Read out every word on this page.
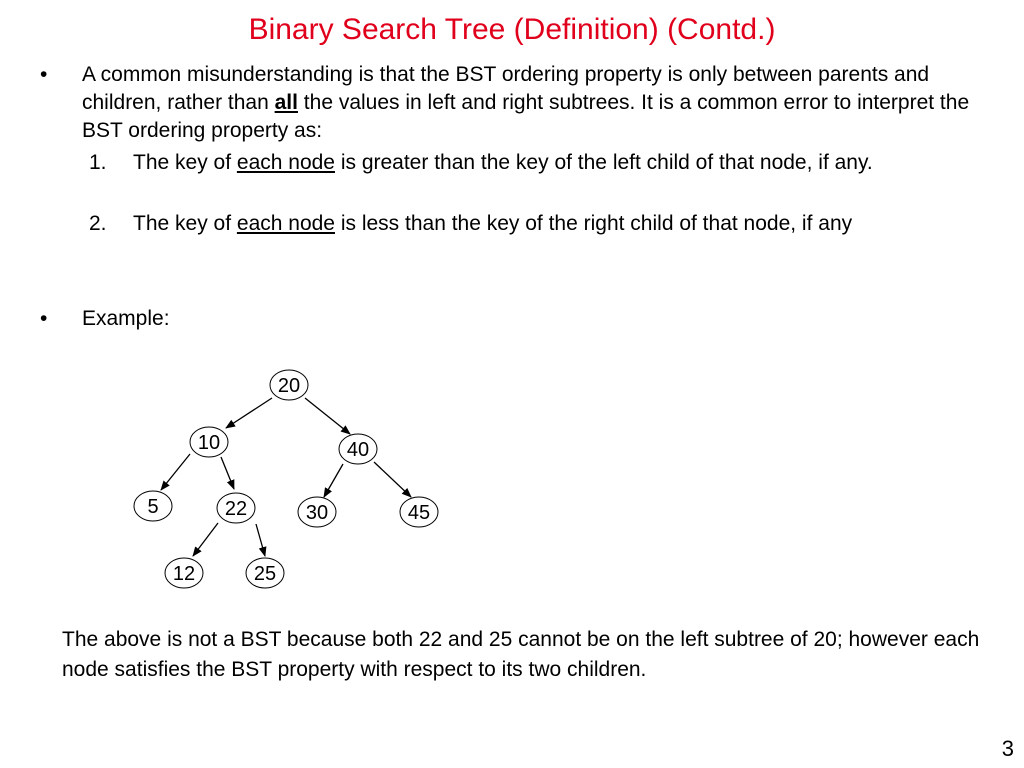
Binary Search Tree (Definition) (Contd.)
• A common misunderstanding is that the BST ordering property is only between parents and children, rather than all the values in left and right subtrees. It is a common error to interpret the BST ordering property as:
1. The key of each node is greater than the key of the left child of that node, if any.
2. The key of each node is less than the key of the right child of that node, if any
• Example:
20
10	40
5	22	30	45
12	25
The above is not a BST because both 22 and 25 cannot be on the left subtree of 20; however each node satisfies the BST property with respect to its two children.
3
